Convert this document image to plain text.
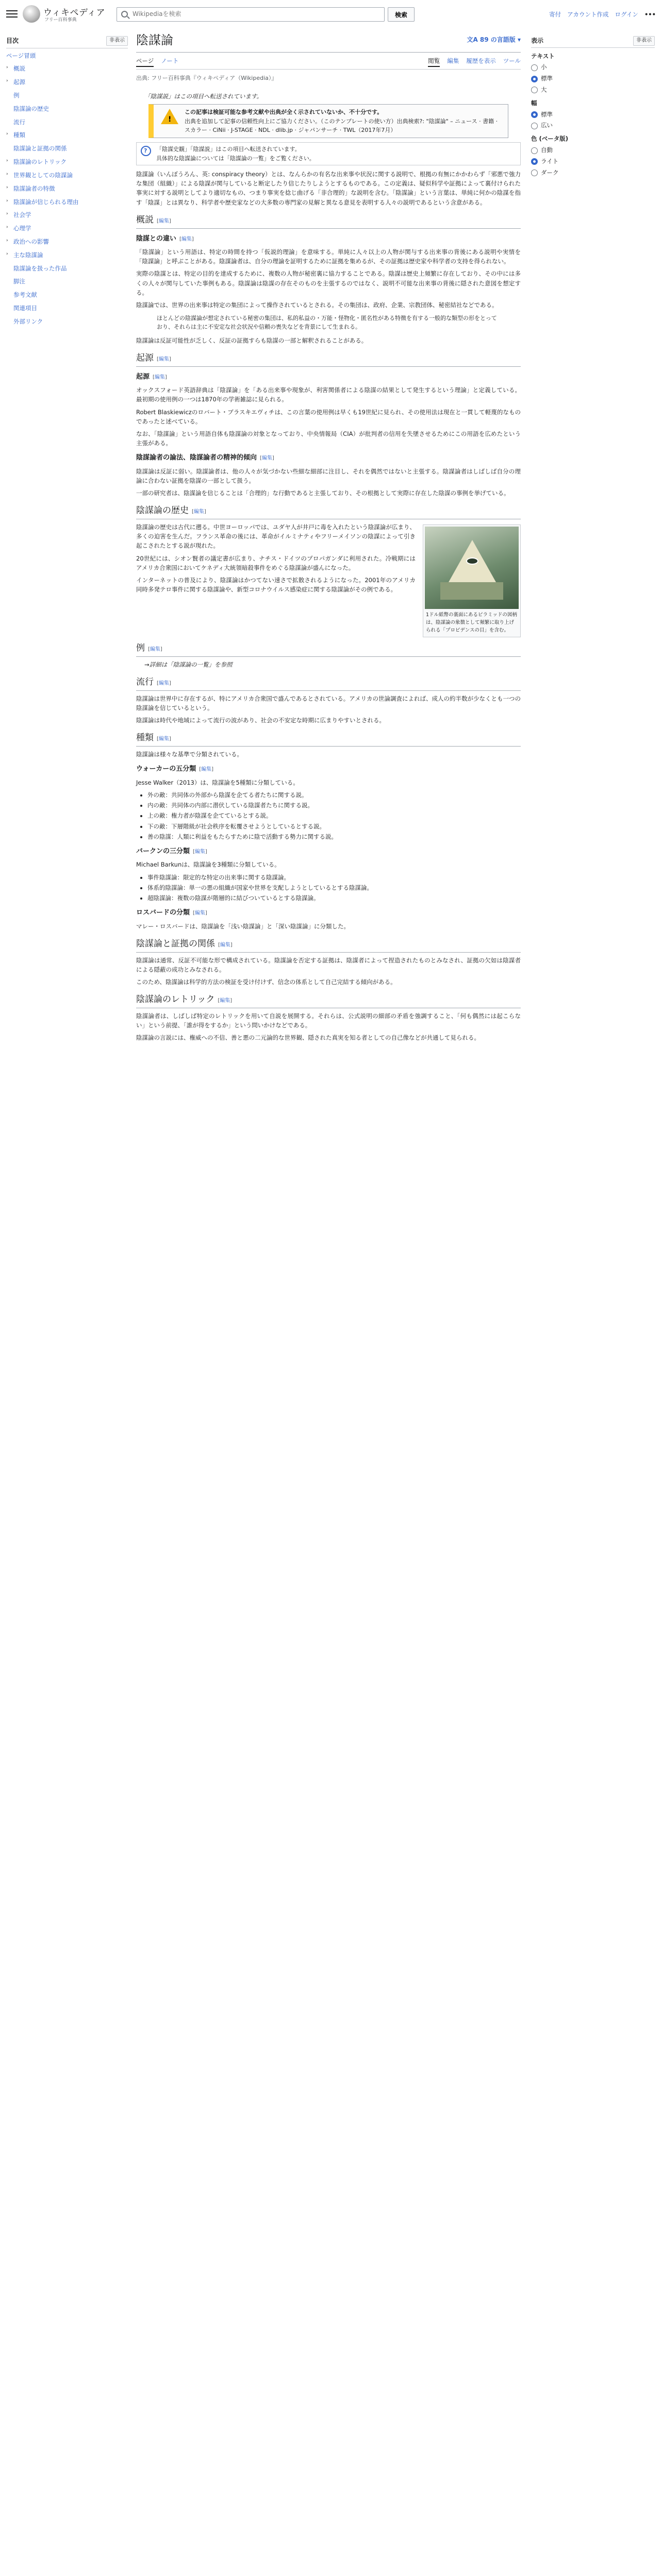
ウィキペディア
フリー百科事典
Wikipediaを検索
検索	寄付 アカウント作成 ログイン •••
目次	非表示
ページ冒頭
› 概説
› 起源
例
陰謀論の歴史
流行
› 種類
陰謀論と証拠の関係
› 陰謀論のレトリック
› 世界観としての陰謀論
› 陰謀論者の特徴
› 陰謀論が信じられる理由
› 社会学
› 心理学
› 政治への影響
› 主な陰謀論
陰謀論を扱った作品
脚注
参考文献
関連項目
外部リンク
陰謀論	文A 89 の言語版 ▾
ページ ノート	閲覧 編集 履歴を表示 ツール
出典: フリー百科事典『ウィキペディア（Wikipedia）』
表示	非表示
テキスト
小
標準
大
幅
標準
広い
色 (ベータ版)
自動
ライト
ダーク
「陰謀説」はこの項目へ転送されています。
!
この記事は検証可能な参考文献や出典が全く示されていないか、不十分です。
出典を追加して記事の信頼性向上にご協力ください。（このテンプレートの使い方）出典検索?: "陰謀論" – ニュース · 書籍 · スカラー · CiNii · J-STAGE · NDL · dlib.jp · ジャパンサーチ · TWL（2017年7月）
?
「陰謀史観」「陰謀説」はこの項目へ転送されています。
具体的な陰謀論については「陰謀論の一覧」をご覧ください。

陰謀論（いんぼうろん、英: conspiracy theory）とは、なんらかの有名な出来事や状況に関する説明で、根拠の有無にかかわらず「邪悪で強力な集団（組織）」による陰謀が関与していると断定したり信じたりしようとするものである。この定義は、疑似科学や証拠によって裏付けられた事実に対する説明としてより適切なもの、つまり事実を捻じ曲げる「非合理的」な説明を含む。「陰謀論」という言葉は、単純に何かの陰謀を指す「陰謀」とは異なり、科学者や歴史家などの大多数の専門家の見解と異なる意見を表明する人々の説明であるという含意がある。

概説 [編集]
陰謀との違い [編集]

「陰謀論」という用語は、特定の時間を持つ「仮説的理論」を意味する。単純に人々以上の人物が関与する出来事の背後にある説明や実情を「陰謀論」と呼ぶことがある。陰謀論者は、自分の理論を証明するために証拠を集めるが、その証拠は歴史家や科学者の支持を得られない。

実際の陰謀とは、特定の目的を達成するために、複数の人物が秘密裏に協力することである。陰謀は歴史上頻繁に存在しており、その中には多くの人々が関与していた事例もある。陰謀論は陰謀の存在そのものを主張するのではなく、説明不可能な出来事の背後に隠された意図を想定する。

陰謀論では、世界の出来事は特定の集団によって操作されているとされる。その集団は、政府、企業、宗教団体、秘密結社などである。

ほとんどの陰謀論が想定されている秘密の集団は、私的私益の・万能・怪物化・匿名性がある特徴を有する一般的な類型の形をとっており、それらは主に不安定な社会状況や信頼の喪失などを背景にして生まれる。

陰謀論は反証可能性が乏しく、反証の証拠すらも陰謀の一部と解釈されることがある。

起源 [編集]
起源 [編集]

オックスフォード英語辞典は「陰謀論」を「ある出来事や現象が、利害関係者による陰謀の結果として発生するという理論」と定義している。最初期の使用例の一つは1870年の学術雑誌に見られる。

Robert Blaskiewiczのロバート・ブラスキエヴィチは、この言葉の使用例は早くも19世紀に見られ、その使用法は現在と一貫して軽蔑的なものであったと述べている。

なお、「陰謀論」という用語自体も陰謀論の対象となっており、中央情報局（CIA）が批判者の信用を失墜させるためにこの用語を広めたという主張がある。

陰謀論者の論法、陰謀論者の精神的傾向 [編集]

陰謀論は反証に弱い。陰謀論者は、他の人々が気づかない些細な細部に注目し、それを偶然ではないと主張する。陰謀論者はしばしば自分の理論に合わない証拠を陰謀の一部として扱う。

一部の研究者は、陰謀論を信じることは「合理的」な行動であると主張しており、その根拠として実際に存在した陰謀の事例を挙げている。

陰謀論の歴史 [編集]
1ドル紙幣の裏面にあるピラミッドの図柄は、陰謀論の象徴として頻繁に取り上げられる「プロビデンスの目」を含む。

陰謀論の歴史は古代に遡る。中世ヨーロッパでは、ユダヤ人が井戸に毒を入れたという陰謀論が広まり、多くの迫害を生んだ。フランス革命の後には、革命がイルミナティやフリーメイソンの陰謀によって引き起こされたとする説が現れた。

20世紀には、シオン賢者の議定書が広まり、ナチス・ドイツのプロパガンダに利用された。冷戦期にはアメリカ合衆国においてケネディ大統領暗殺事件をめぐる陰謀論が盛んになった。

インターネットの普及により、陰謀論はかつてない速さで拡散されるようになった。2001年のアメリカ同時多発テロ事件に関する陰謀論や、新型コロナウイルス感染症に関する陰謀論がその例である。

例 [編集]
→詳細は「陰謀論の一覧」を参照
流行 [編集]

陰謀論は世界中に存在するが、特にアメリカ合衆国で盛んであるとされている。アメリカの世論調査によれば、成人の約半数が少なくとも一つの陰謀論を信じているという。

陰謀論は時代や地域によって流行の波があり、社会の不安定な時期に広まりやすいとされる。

種類 [編集]

陰謀論は様々な基準で分類されている。

ウォーカーの五分類 [編集]

Jesse Walker（2013）は、陰謀論を5種類に分類している。

• 外の敵：共同体の外部から陰謀を企てる者たちに関する説。
• 内の敵：共同体の内部に潜伏している陰謀者たちに関する説。
• 上の敵：権力者が陰謀を企てているとする説。
• 下の敵：下層階級が社会秩序を転覆させようとしているとする説。
• 善の陰謀：人類に利益をもたらすために陰で活動する勢力に関する説。
バークンの三分類 [編集]

Michael Barkunは、陰謀論を3種類に分類している。

• 事件陰謀論：限定的な特定の出来事に関する陰謀論。
• 体系的陰謀論：単一の悪の組織が国家や世界を支配しようとしているとする陰謀論。
• 超陰謀論：複数の陰謀が階層的に結びついているとする陰謀論。
ロスバードの分類 [編集]

マレー・ロスバードは、陰謀論を「浅い陰謀論」と「深い陰謀論」に分類した。

陰謀論と証拠の関係 [編集]

陰謀論は通常、反証不可能な形で構成されている。陰謀論を否定する証拠は、陰謀者によって捏造されたものとみなされ、証拠の欠如は陰謀者による隠蔽の成功とみなされる。

このため、陰謀論は科学的方法の検証を受け付けず、信念の体系として自己完結する傾向がある。

陰謀論のレトリック [編集]

陰謀論者は、しばしば特定のレトリックを用いて自説を展開する。それらは、公式説明の細部の矛盾を強調すること、「何も偶然には起こらない」という前提、「誰が得をするか」という問いかけなどである。

陰謀論の言説には、権威への不信、善と悪の二元論的な世界観、隠された真実を知る者としての自己像などが共通して見られる。
